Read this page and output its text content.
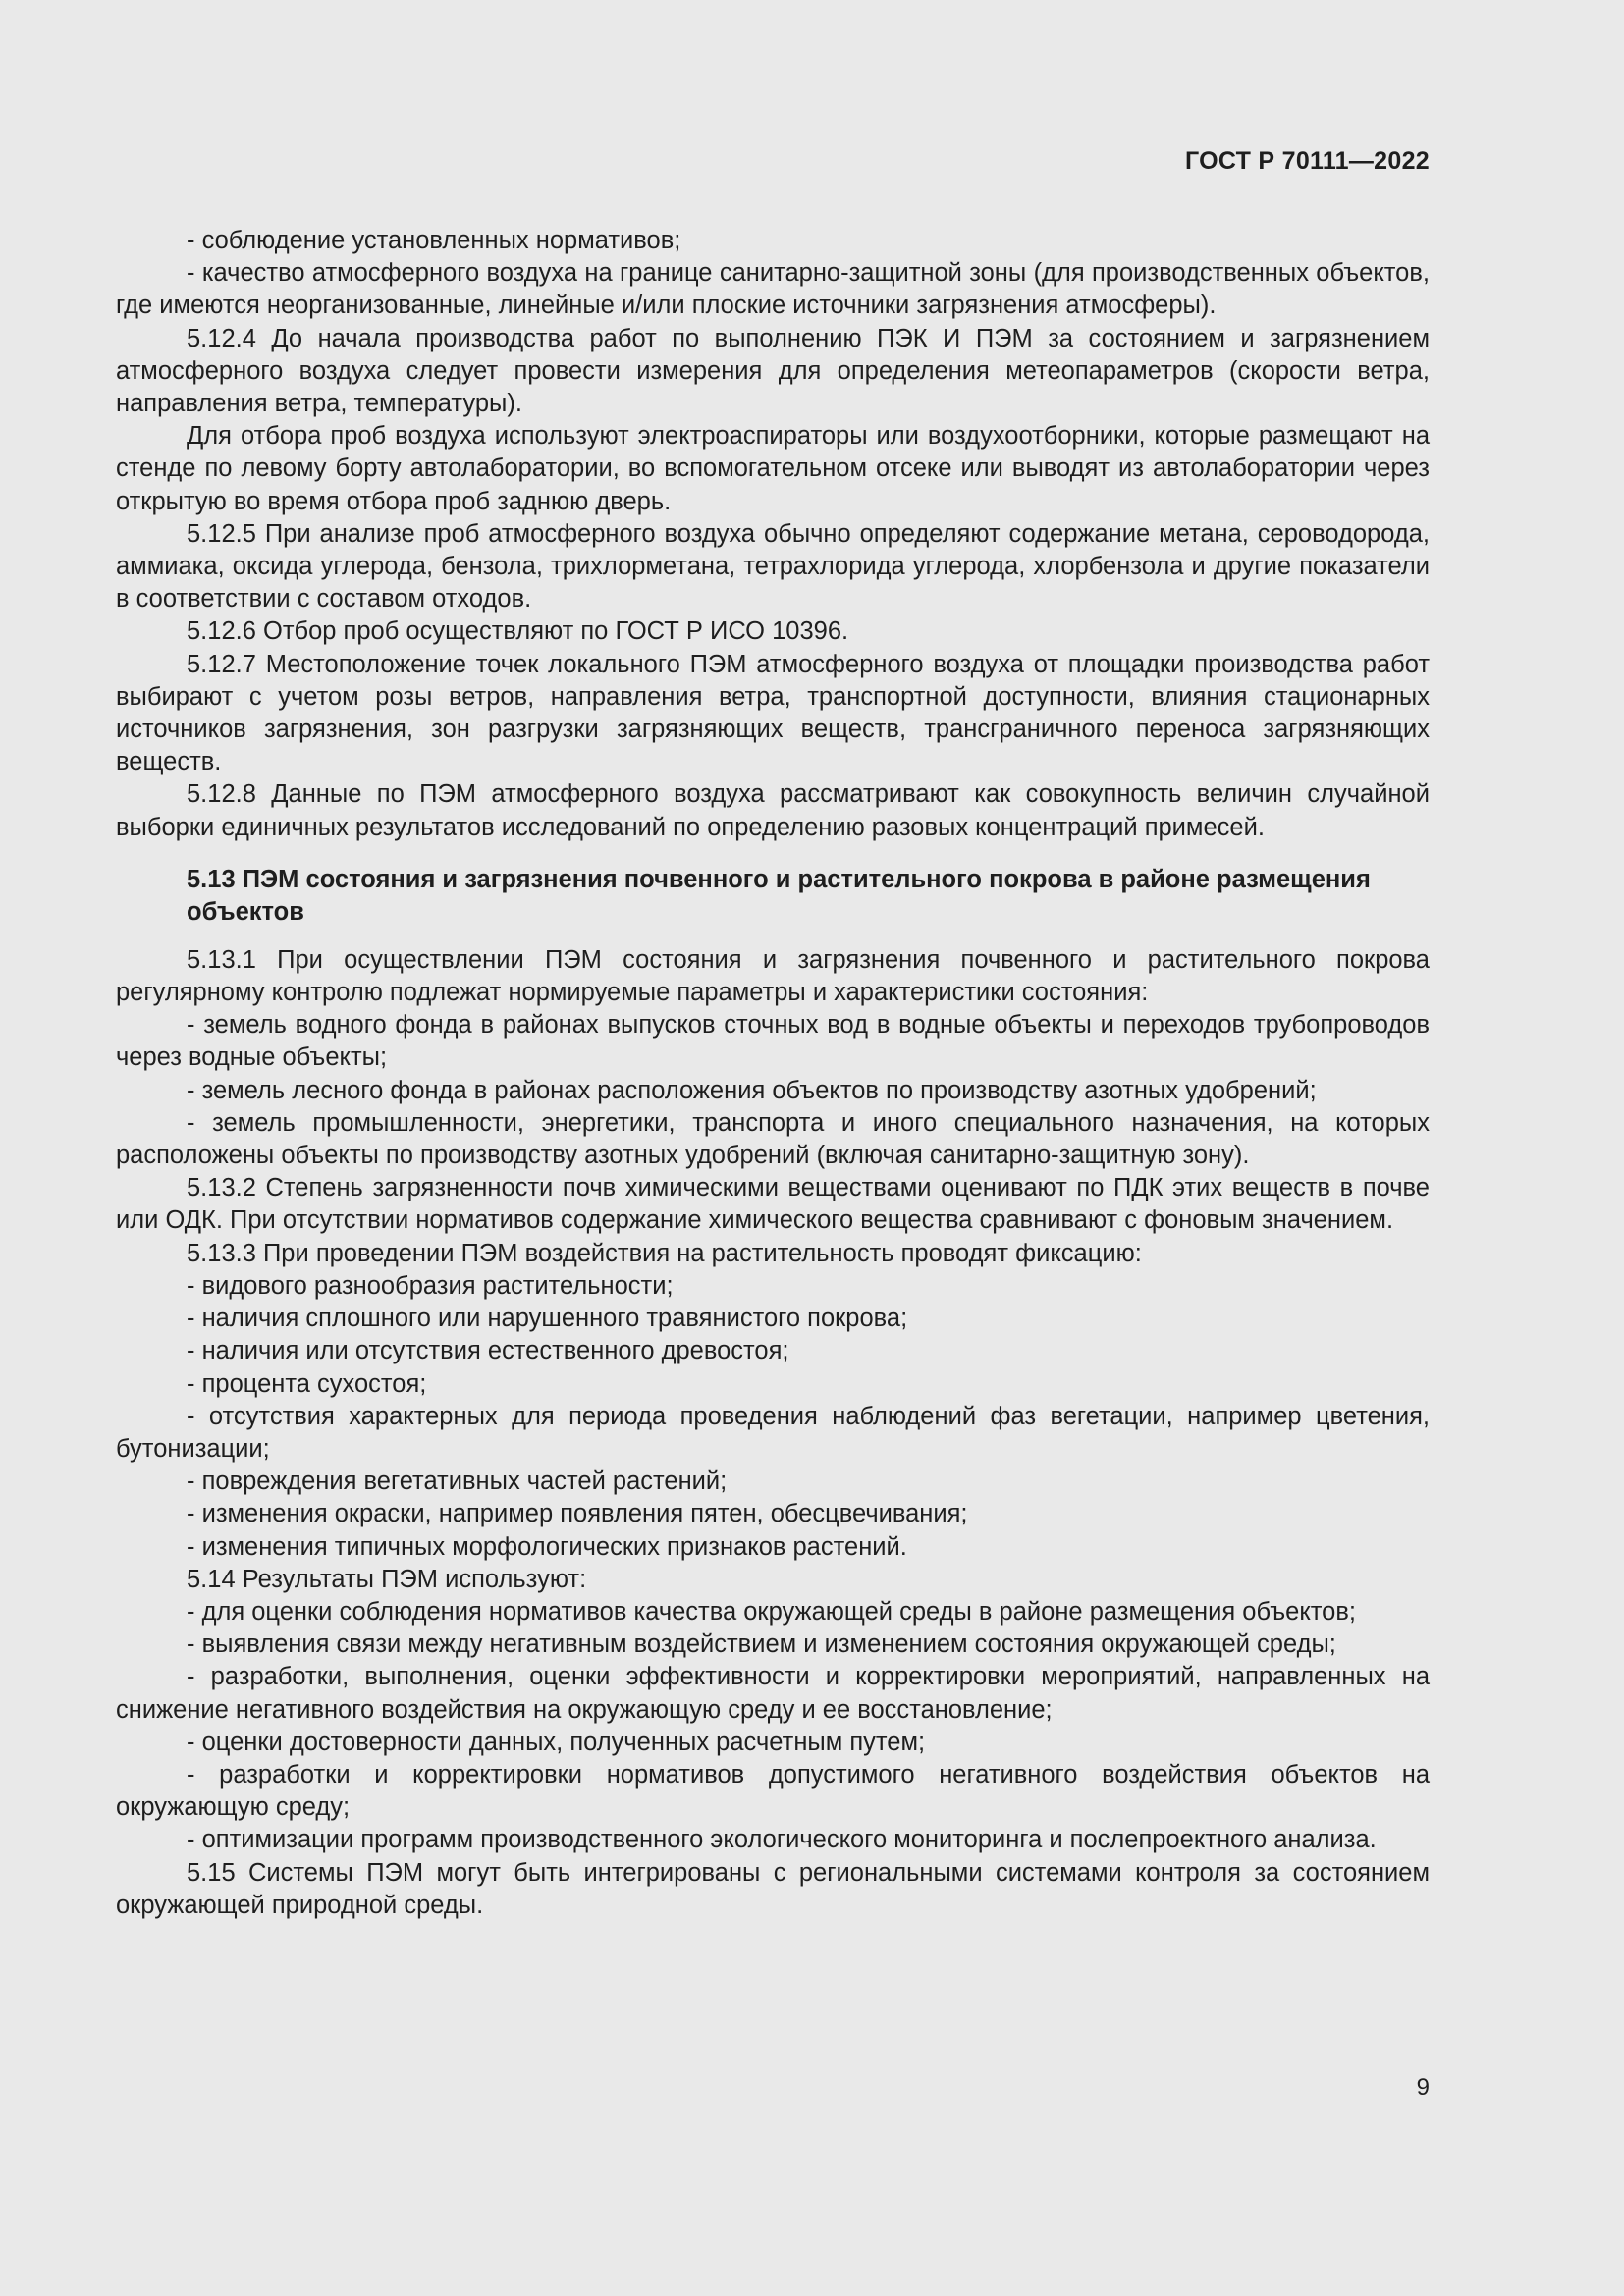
ГОСТ Р 70111—2022

- соблюдение установленных нормативов;

- качество атмосферного воздуха на границе санитарно-защитной зоны (для производственных объектов, где имеются неорганизованные, линейные и/или плоские источники загрязнения атмосферы).

5.12.4 До начала производства работ по выполнению ПЭК И ПЭМ за состоянием и загрязнением атмосферного воздуха следует провести измерения для определения метеопараметров (скорости ветра, направления ветра, температуры).

Для отбора проб воздуха используют электроаспираторы или воздухоотборники, которые размещают на стенде по левому борту автолаборатории, во вспомогательном отсеке или выводят из автолаборатории через открытую во время отбора проб заднюю дверь.

5.12.5 При анализе проб атмосферного воздуха обычно определяют содержание метана, сероводорода, аммиака, оксида углерода, бензола, трихлорметана, тетрахлорида углерода, хлорбензола и другие показатели в соответствии с составом отходов.

5.12.6 Отбор проб осуществляют по ГОСТ Р ИСО 10396.

5.12.7 Местоположение точек локального ПЭМ атмосферного воздуха от площадки производства работ выбирают с учетом розы ветров, направления ветра, транспортной доступности, влияния стационарных источников загрязнения, зон разгрузки загрязняющих веществ, трансграничного переноса загрязняющих веществ.

5.12.8 Данные по ПЭМ атмосферного воздуха рассматривают как совокупность величин случайной выборки единичных результатов исследований по определению разовых концентраций примесей.

5.13 ПЭМ состояния и загрязнения почвенного и растительного покрова в районе размещения объектов

5.13.1 При осуществлении ПЭМ состояния и загрязнения почвенного и растительного покрова регулярному контролю подлежат нормируемые параметры и характеристики состояния:

- земель водного фонда в районах выпусков сточных вод в водные объекты и переходов трубопроводов через водные объекты;

- земель лесного фонда в районах расположения объектов по производству азотных удобрений;

- земель промышленности, энергетики, транспорта и иного специального назначения, на которых расположены объекты по производству азотных удобрений (включая санитарно-защитную зону).

5.13.2 Степень загрязненности почв химическими веществами оценивают по ПДК этих веществ в почве или ОДК. При отсутствии нормативов содержание химического вещества сравнивают с фоновым значением.

5.13.3 При проведении ПЭМ воздействия на растительность проводят фиксацию:

- видового разнообразия растительности;

- наличия сплошного или нарушенного травянистого покрова;

- наличия или отсутствия естественного древостоя;

- процента сухостоя;

- отсутствия характерных для периода проведения наблюдений фаз вегетации, например цветения, бутонизации;

- повреждения вегетативных частей растений;

- изменения окраски, например появления пятен, обесцвечивания;

- изменения типичных морфологических признаков растений.

5.14 Результаты ПЭМ используют:

- для оценки соблюдения нормативов качества окружающей среды в районе размещения объектов;

- выявления связи между негативным воздействием и изменением состояния окружающей среды;

- разработки, выполнения, оценки эффективности и корректировки мероприятий, направленных на снижение негативного воздействия на окружающую среду и ее восстановление;

- оценки достоверности данных, полученных расчетным путем;

- разработки и корректировки нормативов допустимого негативного воздействия объектов на окружающую среду;

- оптимизации программ производственного экологического мониторинга и послепроектного анализа.

5.15 Системы ПЭМ могут быть интегрированы с региональными системами контроля за состоянием окружающей природной среды.

9
